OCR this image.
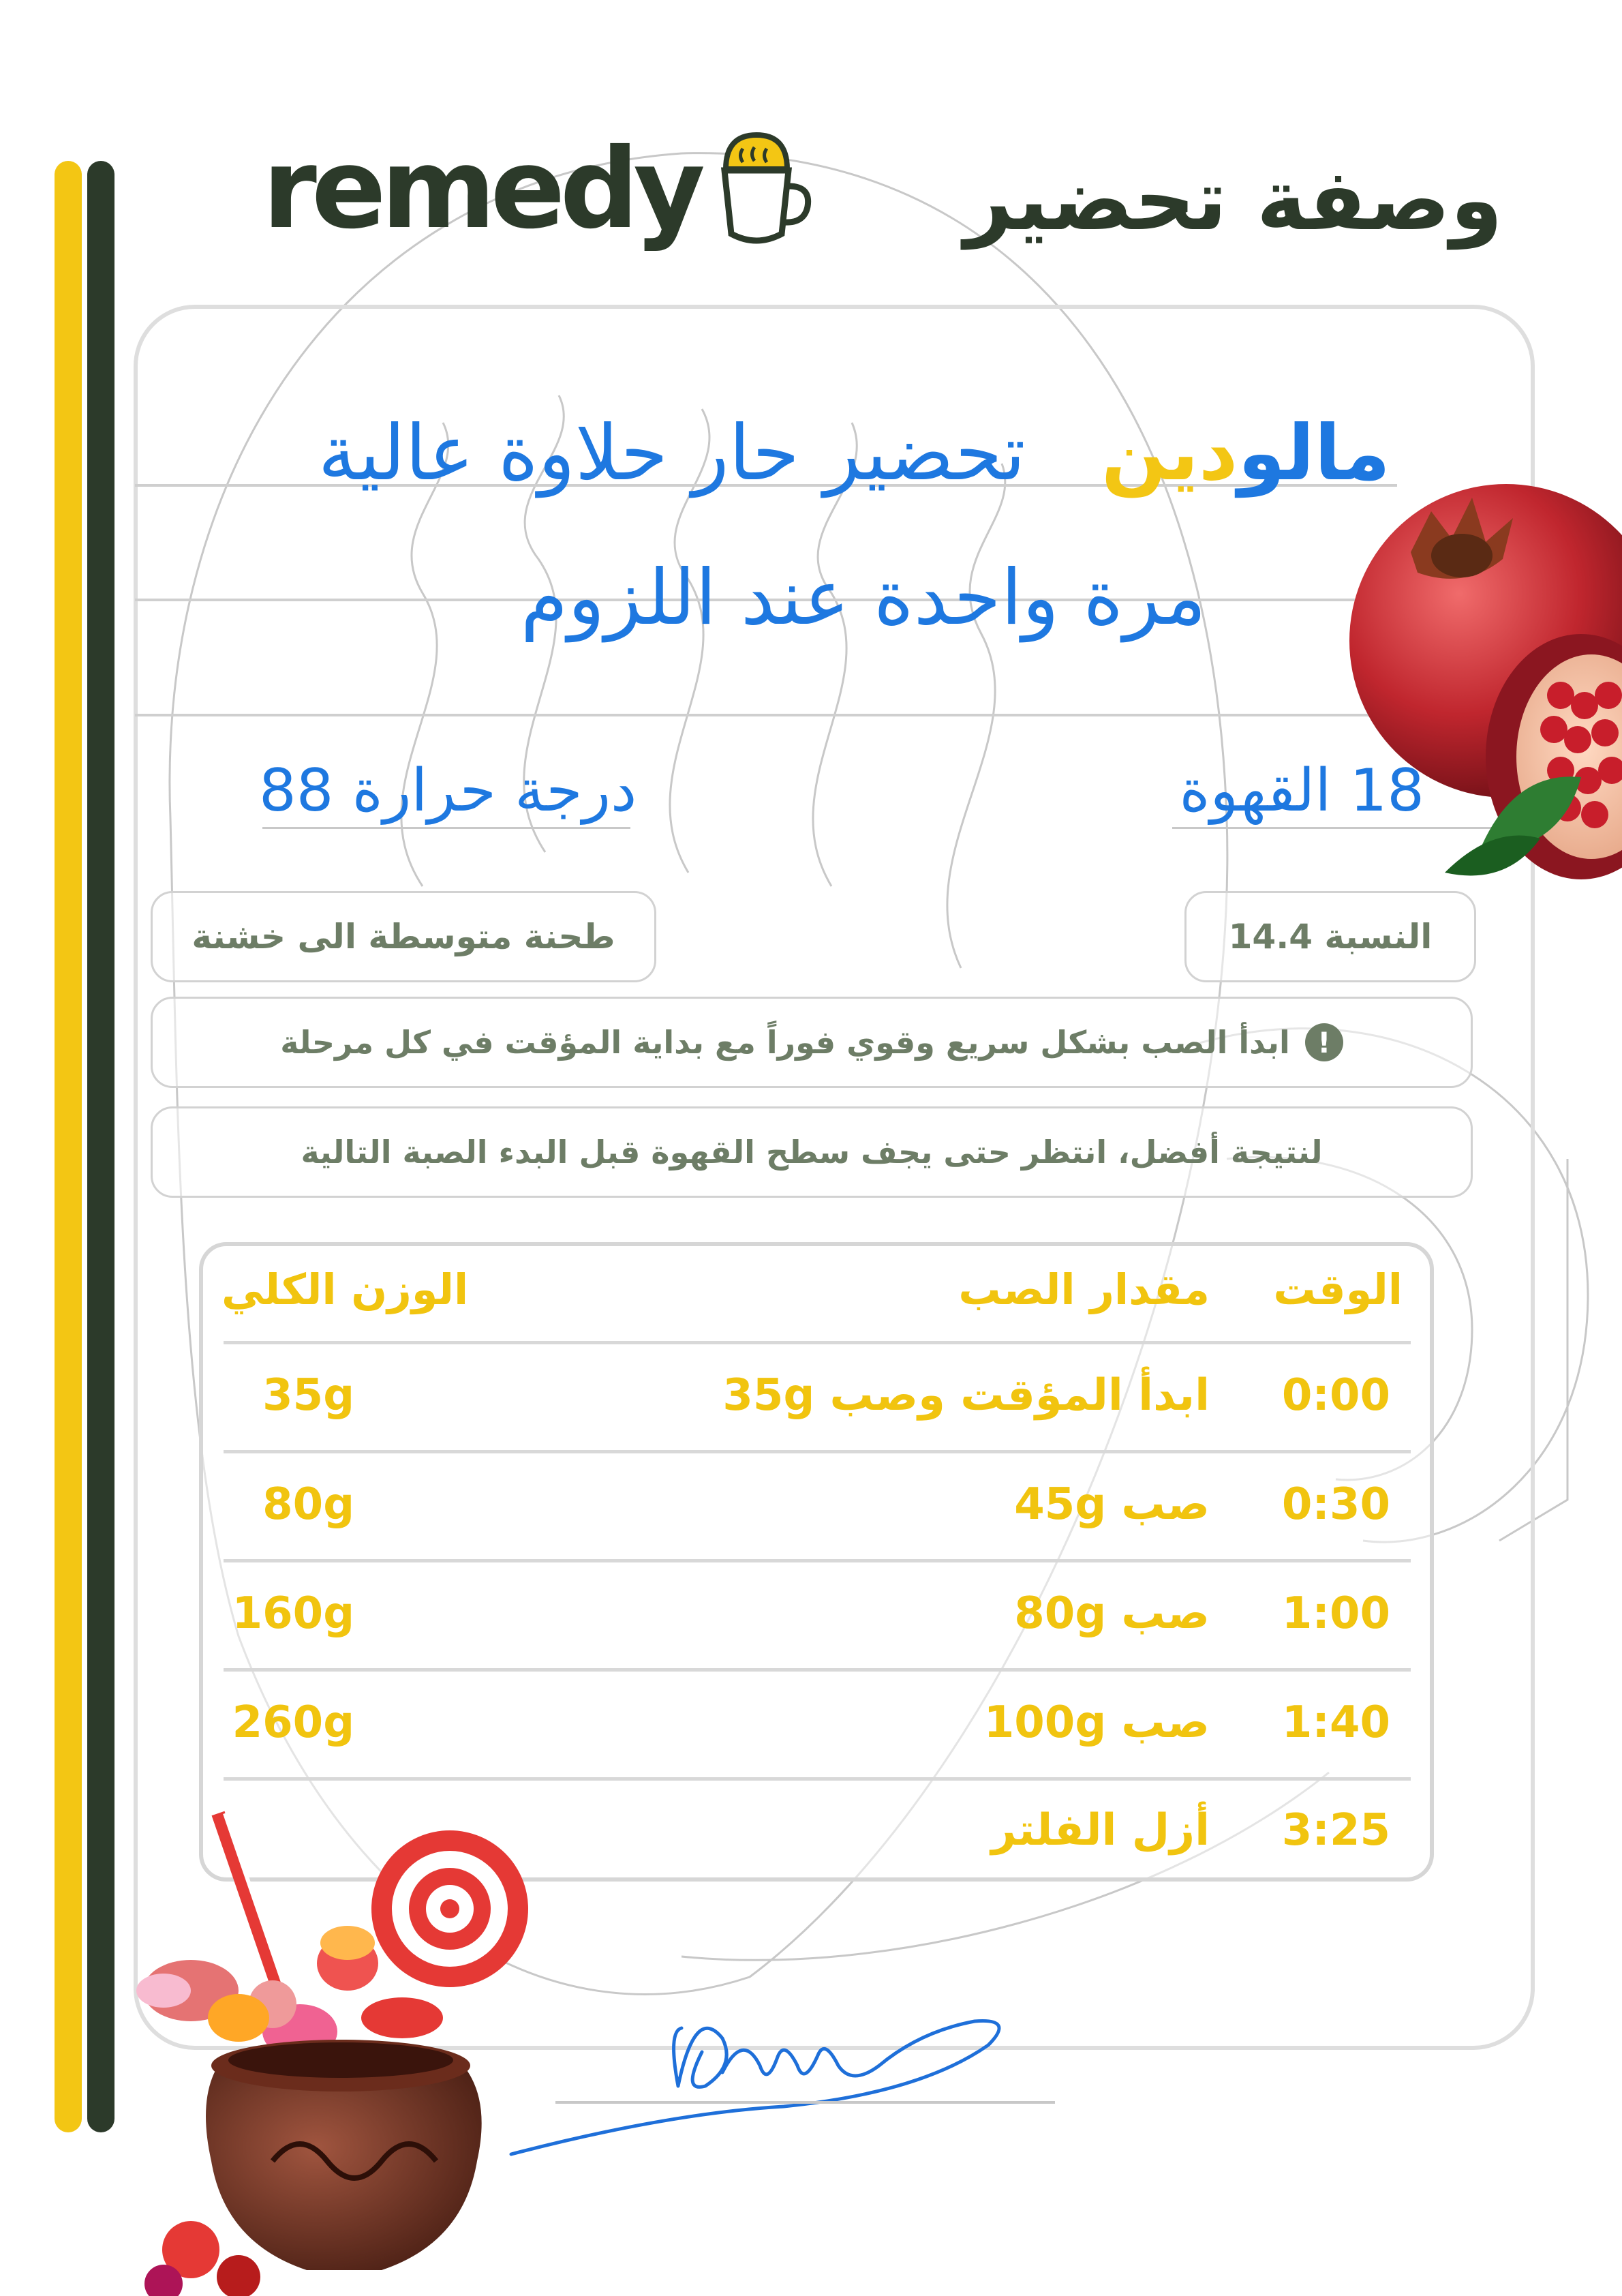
remedy	وصفة تحضير
مالودين  تحضير حار حلاوة عالية
مرة واحدة عند اللزوم
18 القهوة
درجة حرارة 88
النسبة 14.4
طحنة متوسطة الى خشنة
!
ابدأ الصب بشكل سريع وقوي فوراً مع بداية المؤقت في كل مرحلة
لنتيجة أفضل، انتظر حتى يجف سطح القهوة قبل البدء الصبة التالية
الوقت
مقدار الصب
الوزن الكلي
0:00
ابدأ المؤقت وصب 35g
35g
0:30
صب 45g
80g
1:00
صب 80g
160g
1:40
صب 100g
260g
3:25
أزل الفلتر
